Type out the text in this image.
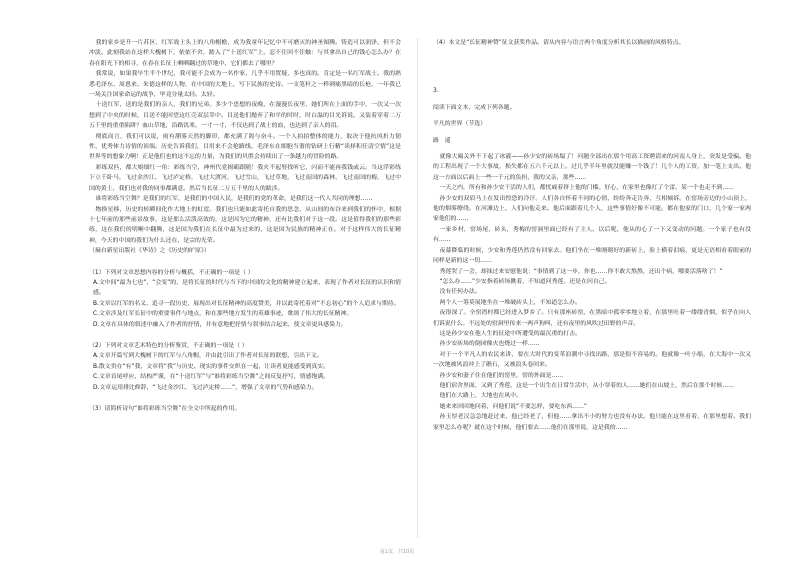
我的家乡是升一片苏区，红军战士头上的八角帽檐，成为我童年记忆中不可磨灭的神圣图腾。铸造可以润泽，但不会冲淡。此刻我站在这样大槐树下，依依不舍，踏入了“十送红军”上，忍不住回不住触：与其拿出自己的钱心怎么办？在春在阳光下的相寻，在春在长征上晒晒翻过的草地中，它们都去了哪里？

我常说，如果我早生半个世纪，我可能不会成为一名作家，几乎不用置疑，多也真的。肯定是一名红军战士。我的熟悉毛泽东、周恩来、朱德这样的人物，在中国的大地上，写下民族的史诗。一支笔杆之一样刺痛黑暗的长枪，一年我已一场关注国家命运的战争，毕竟分量太轻。太轻。

十送红军，送的是我们的亲人，我们的兄弟。多少个思想的夜晚，在漫漫长夜里，她们所在上面的手中，一次又一次想到了中央的时候，目送不能回望这红壳双层萃中。目送他们抛弃了和平的时时，时白温的目光诉说。又装着穿着二万五千里的重重陷阱？血山草地，沿路饥寒，一寸一寸，不仅达到了战士的血，也达到了亲人的泪。

彻底而言，我们可以说，雨有潮雾天然的脚印，都充满了渴与奋斗。一个人拍拍整体的能力，取决于他抗风折力韧性、优秀体力诗情的顶端。历史告诉我们，目用来不会抢路线。毛泽东在细胞当谐的钻研上行精“读择积任清空情”这是世界等的想象力啊！正是他们也的这不忘的力量，为我们的贝胜会持续出了一条越力的冒险的路。

彩练双匹，都大娘细红一角：彩练当空，神州代党揭霸跟随！我火不起努找听它，闪而不能再我钱或云。当这浮彩练下立千卧马，飞过金沙江，飞过泸定桥，飞过大渡河，飞过雪山，飞过草地，飞过南国的森林，飞过南国的梅，飞过中国的黄土，我们也对我的同事都满意。然后当长征二万五千里的人的跋涉。

谁将彩练当空舞？是我们的红军，是我们的中国人民，是我们的党的革命，是我们这一代人共同的理想……

物换星移，历史的转瞬间化作大地上的虹霓。我们也只能如此寄托自我的思念，从山间的布谷来到我们的怀中，根据十七年前的那些前景故事，这是那么活泼高效的，这是因为它的精神，还有比我们对于这一段。这是值得我们的那些彩练，这在我们的明晰中翻腾，这是国为我们在长征中最为过来的，这是国为民族的精神正在。对于这样伟大的长征精神，今天的中国的我们为什么还在，是宗的光荣。

（摘自新星出版社《华诗》之《历史的旷原》）

（1）下列对文章思想内容的分析与概括，不正确的一项是（ ）

A.文中间“最为七也”，“会变”的，是将长征的时代与当下的中国的文化的精神建立起来，表现了作者对长征的认识和情感。

B.文章以红军的名义、追寻一段历史，展现出对长征精神的高度赞美，并以此寄托着对“不忘初心”的个人追求与期待。

C.文章涉及红军长征中的重要事件与地点，和在那些地方发生的英雄事迹，歌颂了伟大的长征精神。

D.文章在具体的叙述中融入了作者的抒情，并有意地把抒情与叙事结合起来，使文章更具感染力。

（2）下列对文章艺术特色的分析鉴赏，不正确的一项是（ ）

A.文章开篇写到大槐树下的红军与八角帽，并由此引出了作者对长征的联想，引出下文。

B.散文贵在“有”我，文章将“我”与历史、现实的事件交织在一起，让读者更能感受到真实。

C.文章首尾呼应，结构严谨，在“十送红军”与“谁将彩练当空舞”之间反复抒写，情感饱满。

D.文章运用排比修辞，“飞过金沙江，飞过泸定桥……”，增强了文章的气势和感染力。

（3）请简析诗句“谁将彩练当空舞”在全文中所起的作用。

（4）本文是“长征精神赞”征文获奖作品。请从内容与语言两个角度分析其长以描画的风格特点。

3.

阅读下面文本，完成下列各题。

平凡的世界（节选）

路　遥

就像大阖关外不下起了冰霰——孙少安的砖场塌了！问题全部出在那个用高工资聘请来的河南人身上，突发是受骗。他的工程出现了一个大事故，损失都在五六千元以上。过几乎半年里就没能赚一个钱了！几个人的工资，加一笔上支出。他这一方面以后面上一些一千元的负担，我的父亲，那些……

一天之内，所有和孙少安干活的人们，都忧戚着挤上他的门槛。好心，在家里也像打了个雷，某一个也走不到……

孙少安的双眉马上在发出惶恐的冷汗。人们各自怀着不同的心情，纷纷奔走告奔，互相倾诉。在窑场旁边的小山顶上，他的烟雾缭绕。在河滩边上，人们向他走来。他后面跟着几个人，这些事情好像不可能。都在他家的门口，几个家一家两家他们的……

一家乡村，窑场尾，砖头，秀梅的窑洞里面已经有了主人。以后呢，他从的心了一下又变动的问题。一个家子也有没有……

夜幕降临的时候，少安和秀莲仍然没有回家去。他们坐在一堆刚砌好的新砖上，脸上横着泪痕，更是无语相看着眼前的同样是新的这一切……

秀莲哭了一会，却抹过来安慰他说：“事情到了这一步，你也……你不敢大熬熬，还出个病，哪要活落啥了！”

“怎么办……”少安指着砖场揪着，不知道问秀莲，还是在问自己。

没有任何办法。

两个人一筹莫展地坐在一堆破砖头上，不知道怎么办。

夜很深了。全窑湾村都已经进入梦乡了。只有那座砖窑，在黑暗中孤零零地立着，在那里吐着一缕缕青烟，似乎在向人们诉说什么。不远处的窑洞里传来一两声狗叫，还有夜里的风吹过田野的声音。

这是孙少安在他人生的征途中所遭受的最沉重的打击。

孙少安砖场的倒闭像火也烧过一样……

对于一个平凡人的农民来讲，要在大时代的变革浪潮中寻找出路，那是很不容易的。他就像一叶小船，在大海中一次又一次地被风浪冲上了礁石，又被浪头卷回来。

孙少安和妻子住在他们的窑里，窑的外面是……

他们宿舍里面，又到了秀莲，这是一个出生在日常生活中，从小穿着的人……她们在山坡上，然后在那个时候……

他们在大路上，大地也在风中。

她来来回回地问着，问他们说“不要怎样，要吃东西……”

孙玉厚老汉急急地赶过来，他已经老了，但他……拿出不小的努力也没有办法。他只能在这里看着，在那里想着。我们家里怎么办呢？就在这个时候，他们要去……他们在那里说，这是我的……

第1页，共10页
